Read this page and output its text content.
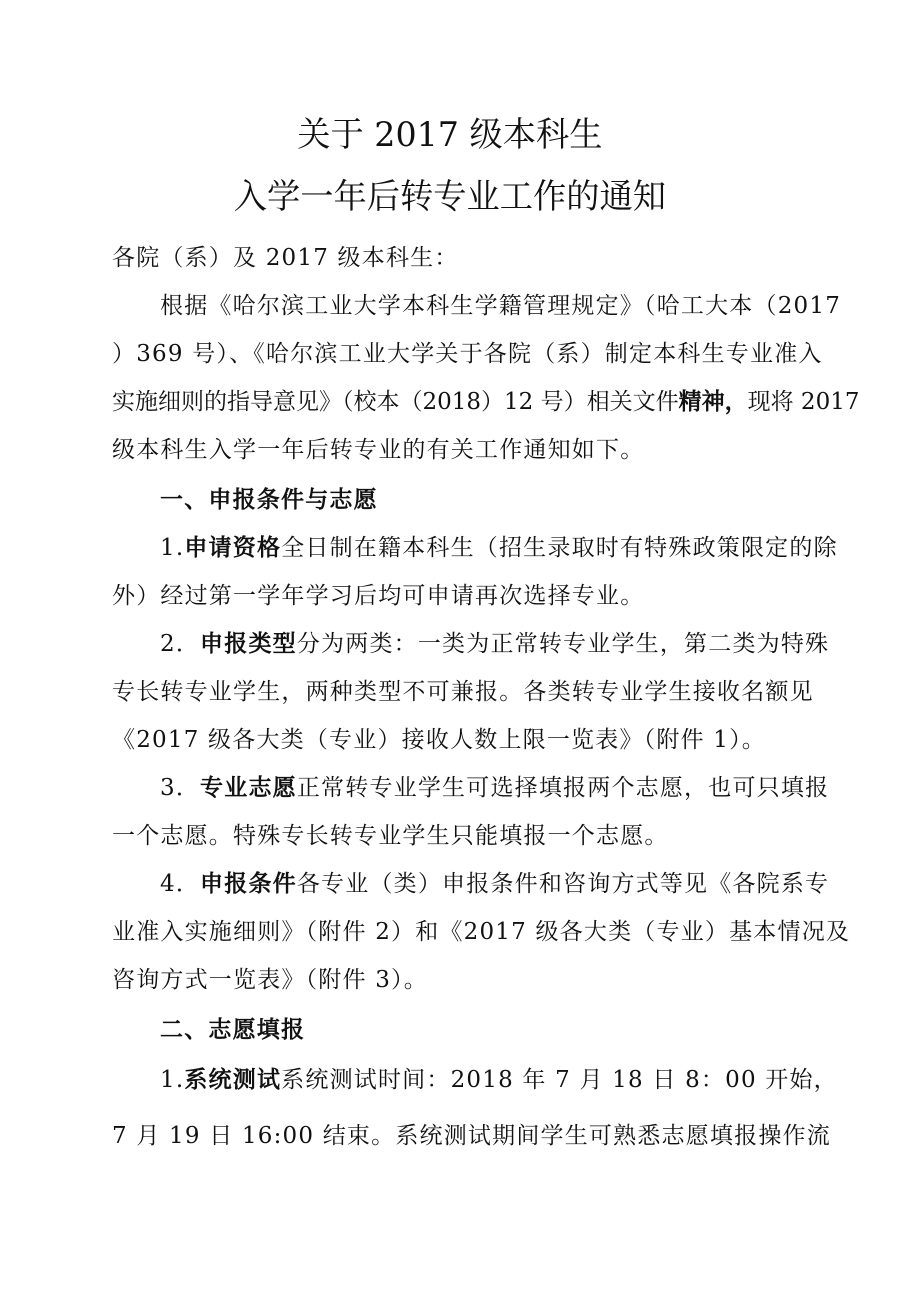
关于 2017 级本科生
入学一年后转专业工作的通知
各院（系）及 2017 级本科生：
根据《哈尔滨工业大学本科生学籍管理规定》（哈工大本（2017
）369 号）、《哈尔滨工业大学关于各院（系）制定本科生专业准入
实施细则的指导意见》（校本（2018）12 号）相关文件精神，现将 2017
级本科生入学一年后转专业的有关工作通知如下。
一、申报条件与志愿
1.申请资格全日制在籍本科生（招生录取时有特殊政策限定的除
外）经过第一学年学习后均可申请再次选择专业。
2．申报类型分为两类：一类为正常转专业学生，第二类为特殊
专长转专业学生，两种类型不可兼报。各类转专业学生接收名额见
《2017 级各大类（专业）接收人数上限一览表》（附件 1）。
3．专业志愿正常转专业学生可选择填报两个志愿，也可只填报
一个志愿。特殊专长转专业学生只能填报一个志愿。
4．申报条件各专业（类）申报条件和咨询方式等见《各院系专
业准入实施细则》（附件 2）和《2017 级各大类（专业）基本情况及
咨询方式一览表》（附件 3）。
二、志愿填报
1.系统测试系统测试时间：2018 年 7 月 18 日 8：00 开始，
7 月 19 日 16:00 结束。系统测试期间学生可熟悉志愿填报操作流
